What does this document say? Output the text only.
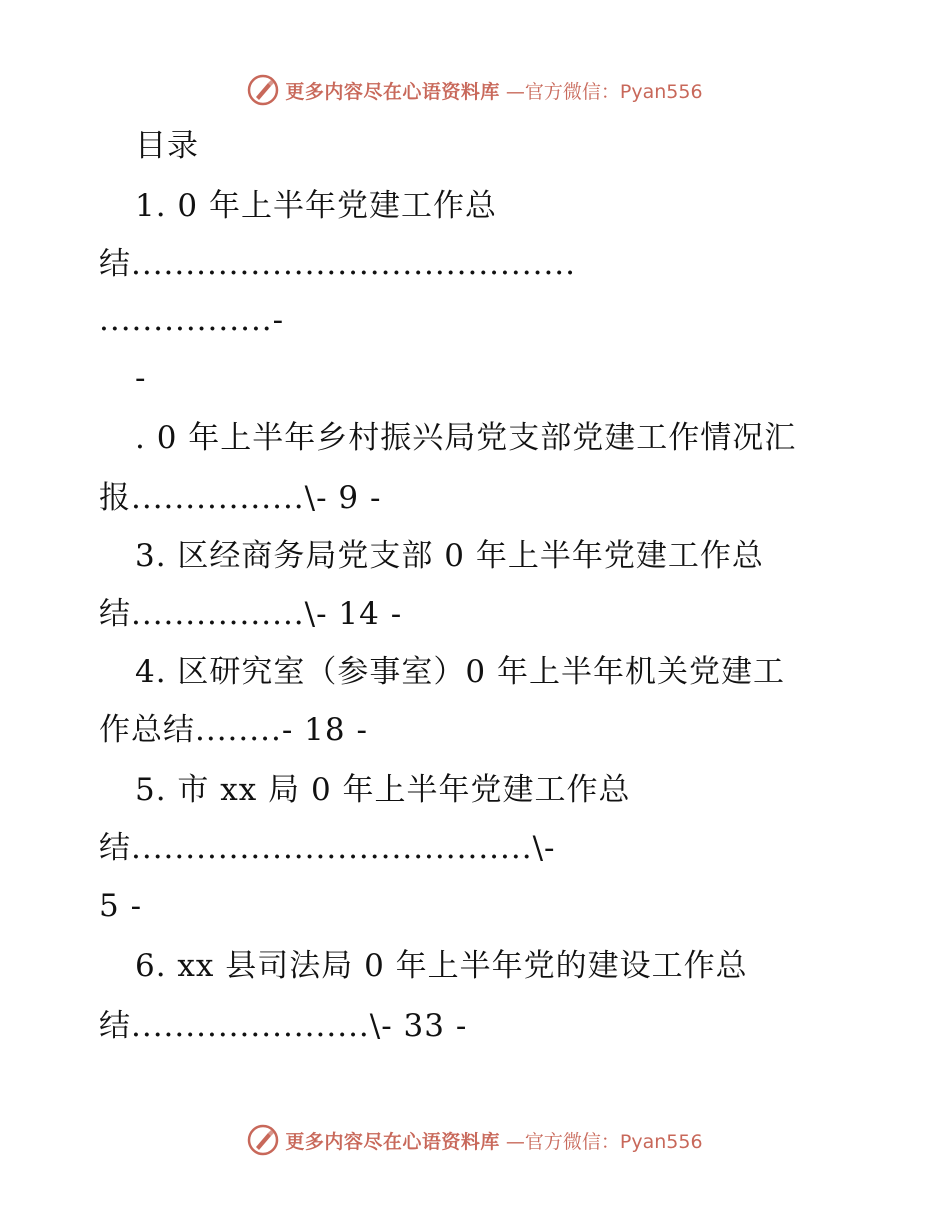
更多内容尽在心语资料库 —官方微信：Pyan556
目录
1. 0 年上半年党建工作总
结.........................................
................-
-
. 0 年上半年乡村振兴局党支部党建工作情况汇
报................\- 9 -
3. 区经商务局党支部 0 年上半年党建工作总
结................\- 14 -
4. 区研究室（参事室）0 年上半年机关党建工
作总结........- 18 -
5. 市 xx 局 0 年上半年党建工作总
结.....................................\-
5 -
6. xx 县司法局 0 年上半年党的建设工作总
结......................\- 33 -
更多内容尽在心语资料库 —官方微信：Pyan556
